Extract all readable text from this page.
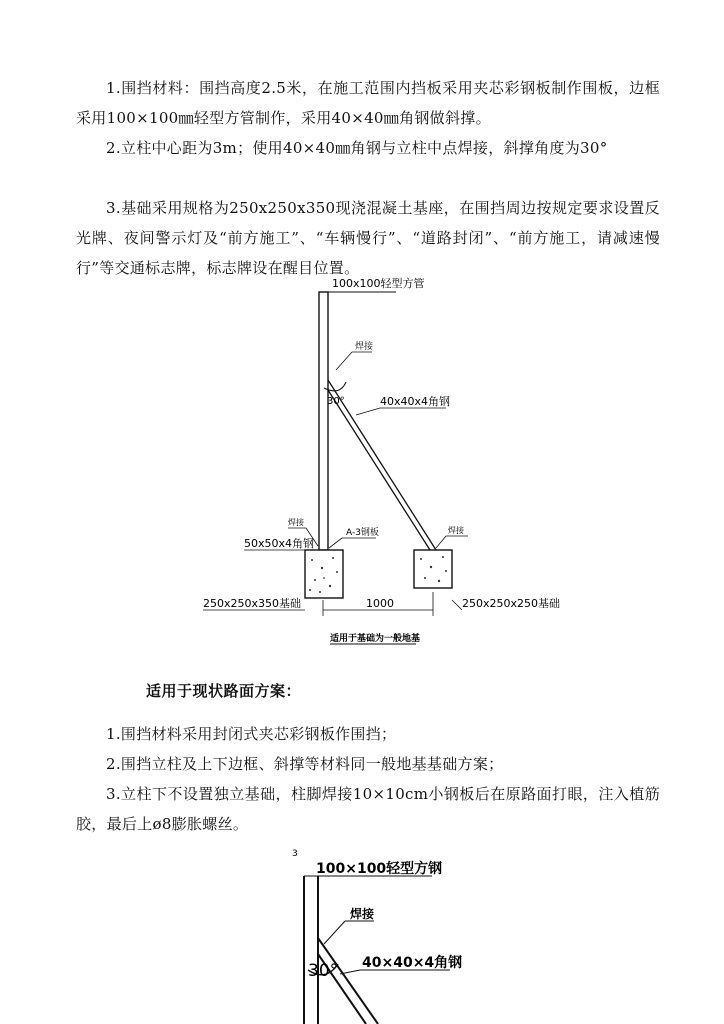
1.围挡材料：围挡高度2.5米，在施工范围内挡板采用夹芯彩钢板制作围板，边框采用100×100㎜轻型方管制作，采用40×40㎜角钢做斜撑。
2.立柱中心距为3m；使用40×40㎜角钢与立柱中点焊接，斜撑角度为30°
3.基础采用规格为250x250x350现浇混凝土基座，在围挡周边按规定要求设置反光牌、夜间警示灯及“前方施工”、“车辆慢行”、“道路封闭”、“前方施工，请减速慢行”等交通标志牌，标志牌设在醒目位置。
100x100轻型方管
焊接
30°	40x40x4角钢
焊接
50x50x4角钢
A-3钢板	焊接
1000
250x250x350基础	250x250x250基础
适用于基础为一般地基
适用于现状路面方案：
1.围挡材料采用封闭式夹芯彩钢板作围挡；
2.围挡立柱及上下边框、斜撑等材料同一般地基基础方案；
3.立柱下不设置独立基础，柱脚焊接10×10cm小钢板后在原路面打眼，注入植筋胶，最后上ø8膨胀螺丝。
3
100×100轻型方钢
焊接
30° 40×40×4角钢
